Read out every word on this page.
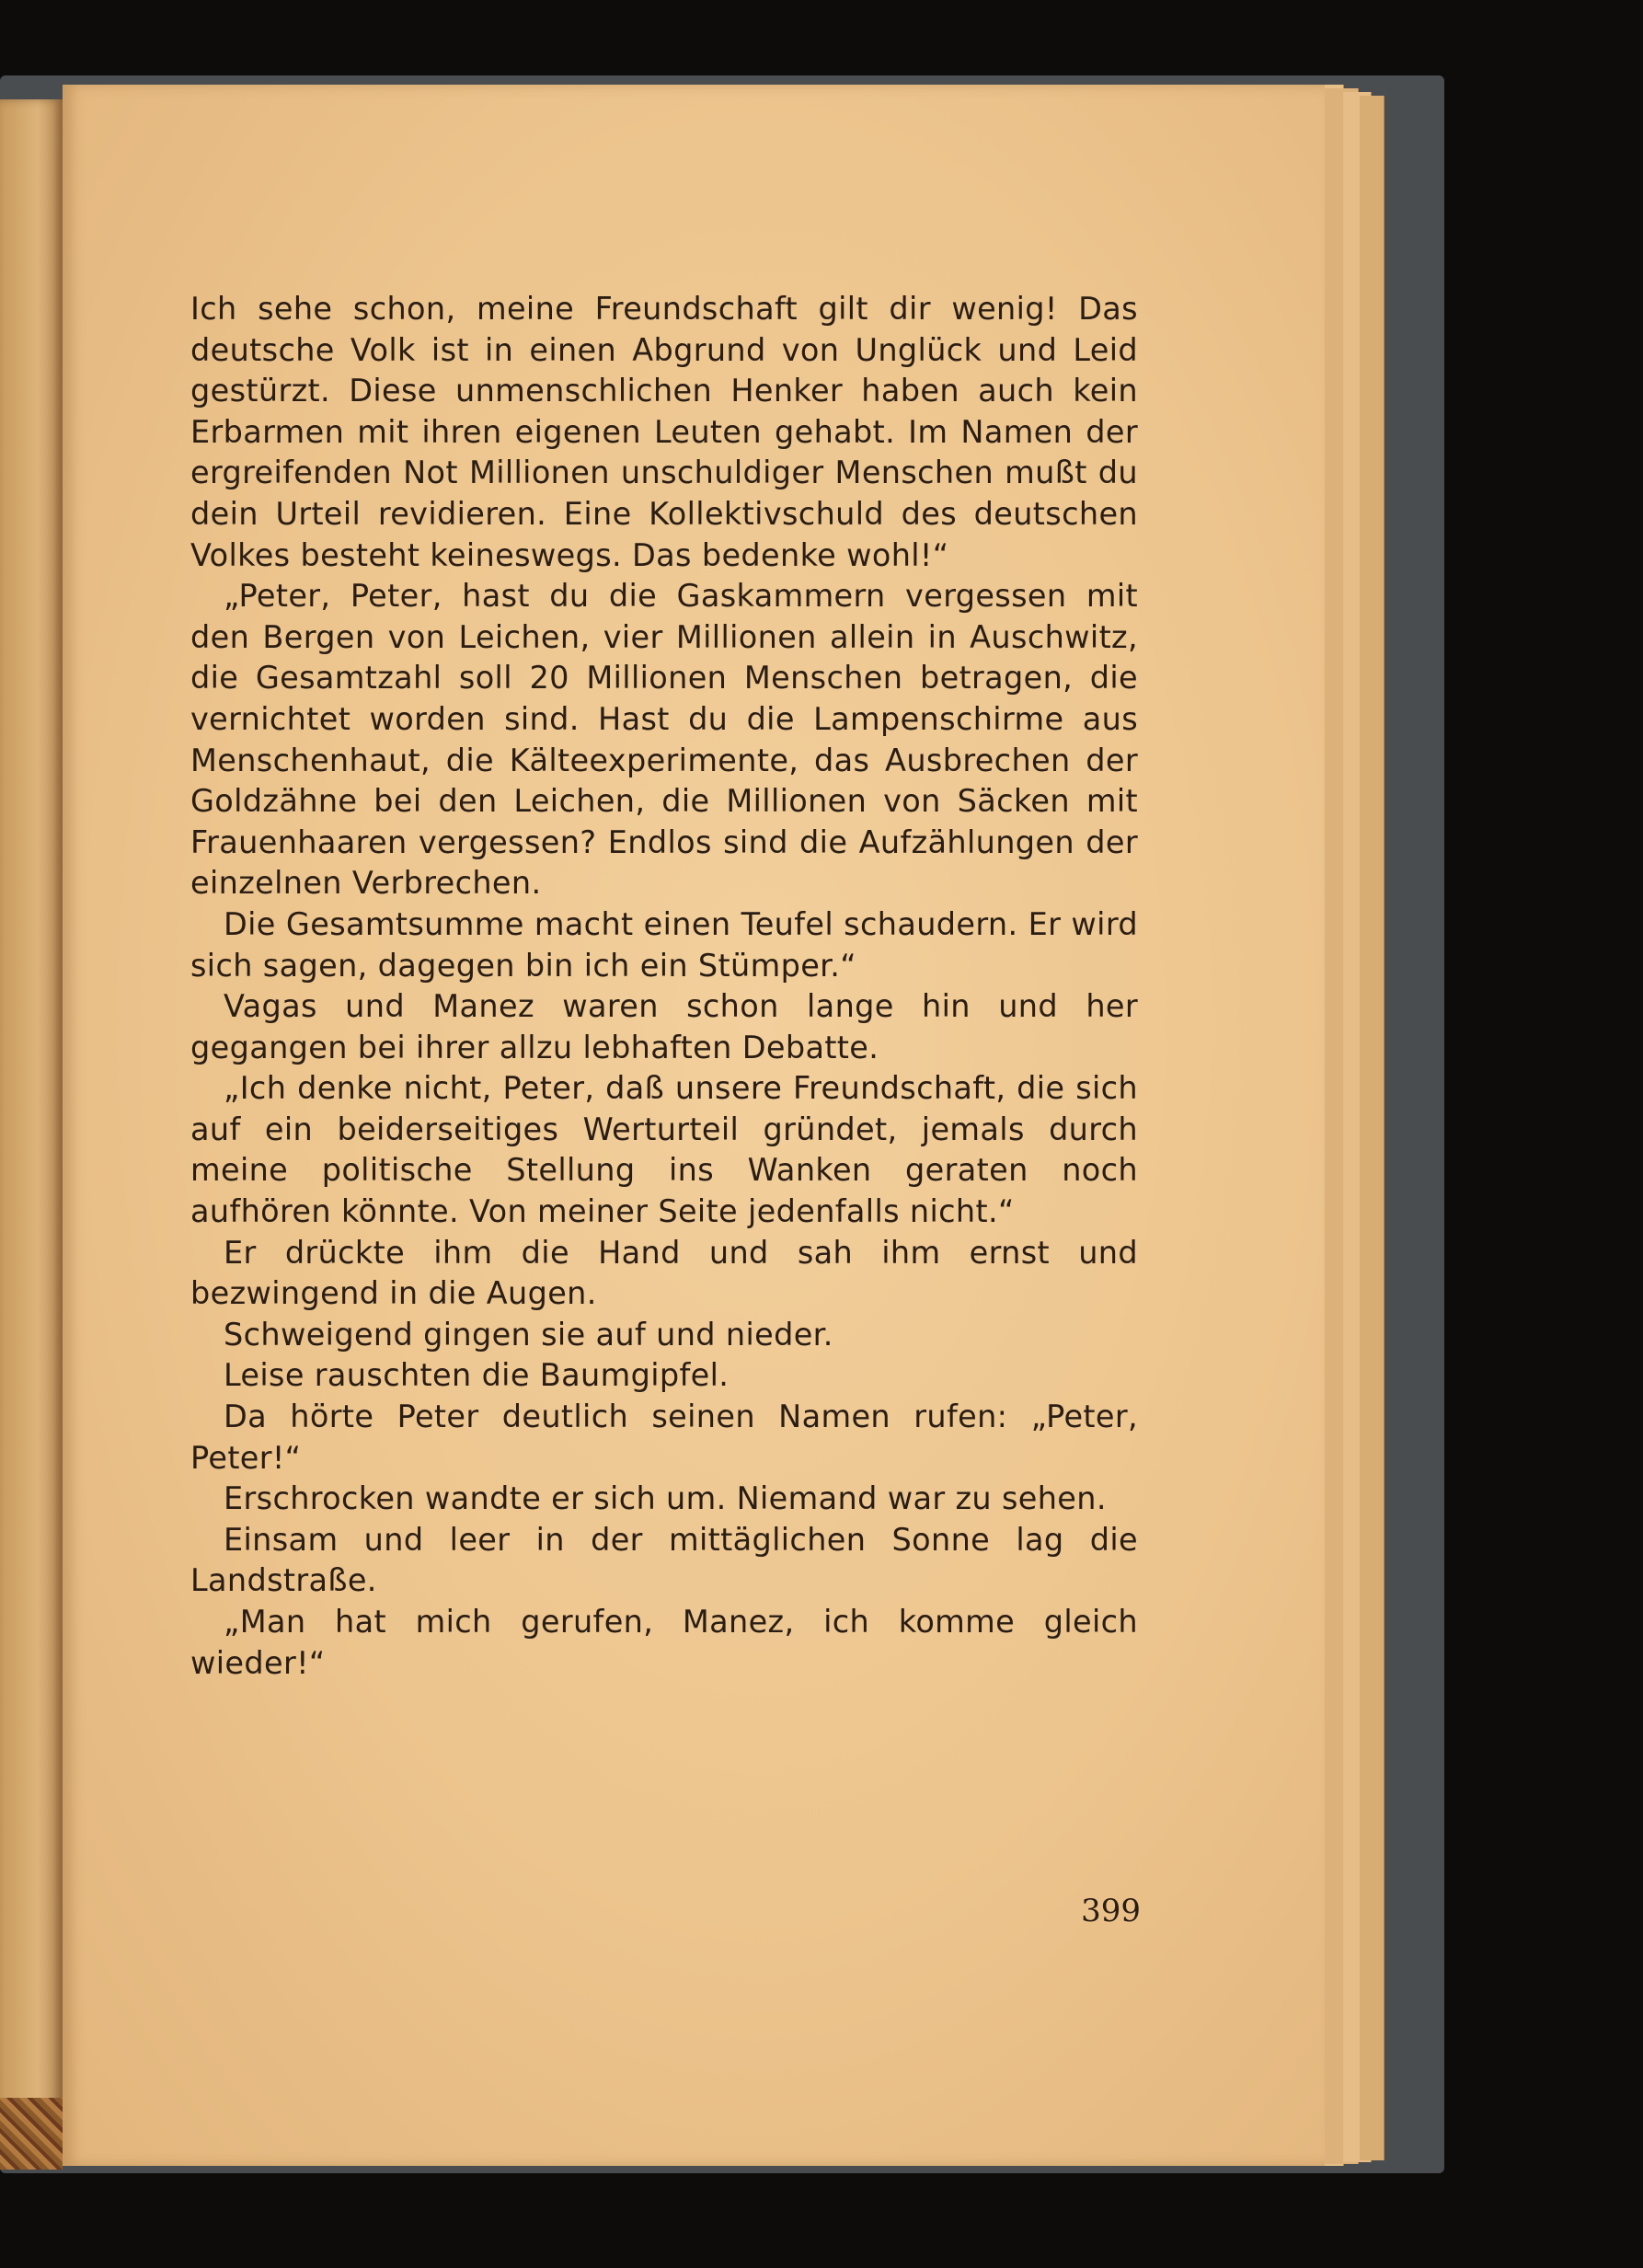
Ich sehe schon, meine Freundschaft gilt dir wenig! Das deutsche Volk ist in einen Abgrund von Unglück und Leid gestürzt. Diese unmenschlichen Henker haben auch kein Erbarmen mit ihren eigenen Leuten gehabt. Im Namen der ergreifenden Not Millionen unschuldiger Menschen mußt du dein Urteil revidieren. Eine Kollektivschuld des deutschen Volkes besteht keineswegs. Das bedenke wohl!“

„Peter, Peter, hast du die Gaskammern vergessen mit den Bergen von Leichen, vier Millionen allein in Auschwitz, die Gesamtzahl soll 20 Millionen Menschen betragen, die vernichtet worden sind. Hast du die Lampenschirme aus Menschenhaut, die Kälteexperimente, das Ausbrechen der Goldzähne bei den Leichen, die Millionen von Säcken mit Frauenhaaren vergessen? Endlos sind die Aufzählungen der einzelnen Verbrechen.

Die Gesamtsumme macht einen Teufel schaudern. Er wird sich sagen, dagegen bin ich ein Stümper.“

Vagas und Manez waren schon lange hin und her gegangen bei ihrer allzu lebhaften Debatte.

„Ich denke nicht, Peter, daß unsere Freundschaft, die sich auf ein beiderseitiges Werturteil gründet, jemals durch meine politische Stellung ins Wanken geraten noch aufhören könnte. Von meiner Seite jedenfalls nicht.“

Er drückte ihm die Hand und sah ihm ernst und bezwingend in die Augen.

Schweigend gingen sie auf und nieder.

Leise rauschten die Baumgipfel.

Da hörte Peter deutlich seinen Namen rufen: „Peter, Peter!“

Erschrocken wandte er sich um. Niemand war zu sehen.

Einsam und leer in der mittäglichen Sonne lag die Landstraße.

„Man hat mich gerufen, Manez, ich komme gleich wieder!“

399
